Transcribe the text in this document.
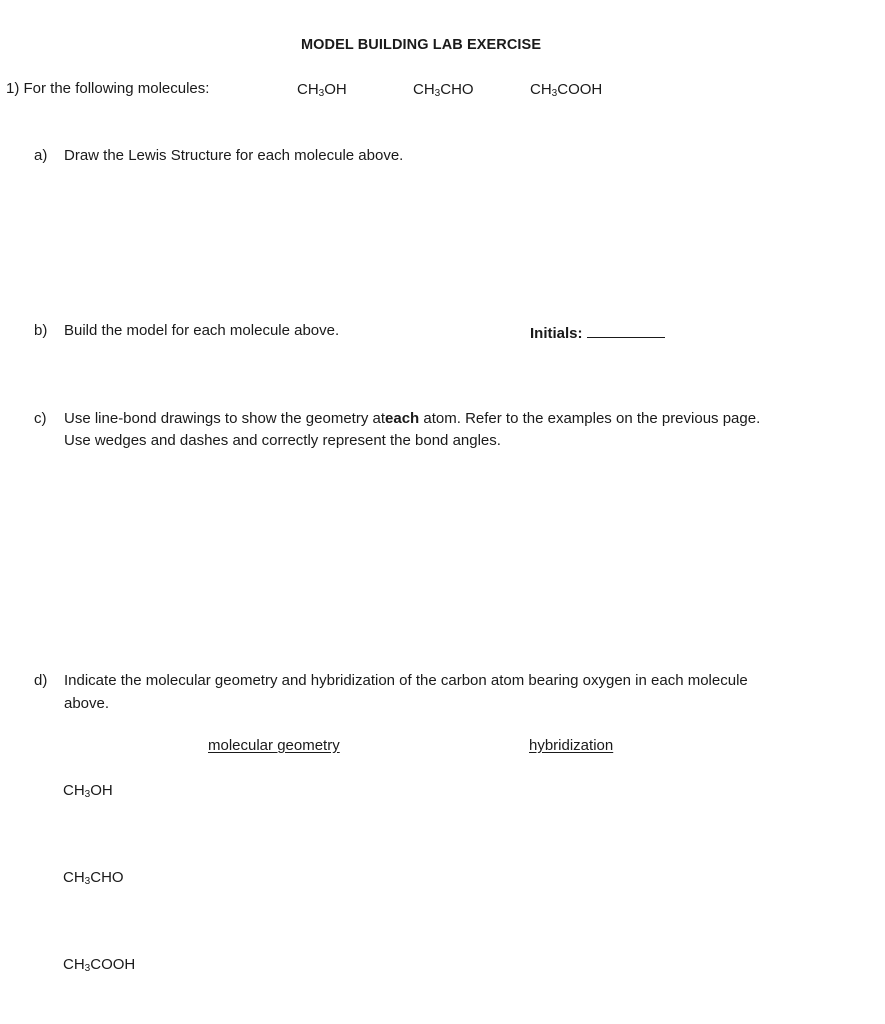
MODEL BUILDING LAB EXERCISE
1) For the following molecules:	$CH_3OH$	$CH_3CHO$	$CH_3COOH$
a) Draw the Lewis Structure for each molecule above.
b) Build the model for each molecule above.	Initials:
c) Use line-bond drawings to show the geometry ateach atom. Refer to the examples on the previous page.
Use wedges and dashes and correctly represent the bond angles.
d) Indicate the molecular geometry and hybridization of the carbon atom bearing oxygen in each molecule
above.
molecular geometry	hybridization
$CH_3OH$
$CH_3CHO$
$CH_3COOH$
